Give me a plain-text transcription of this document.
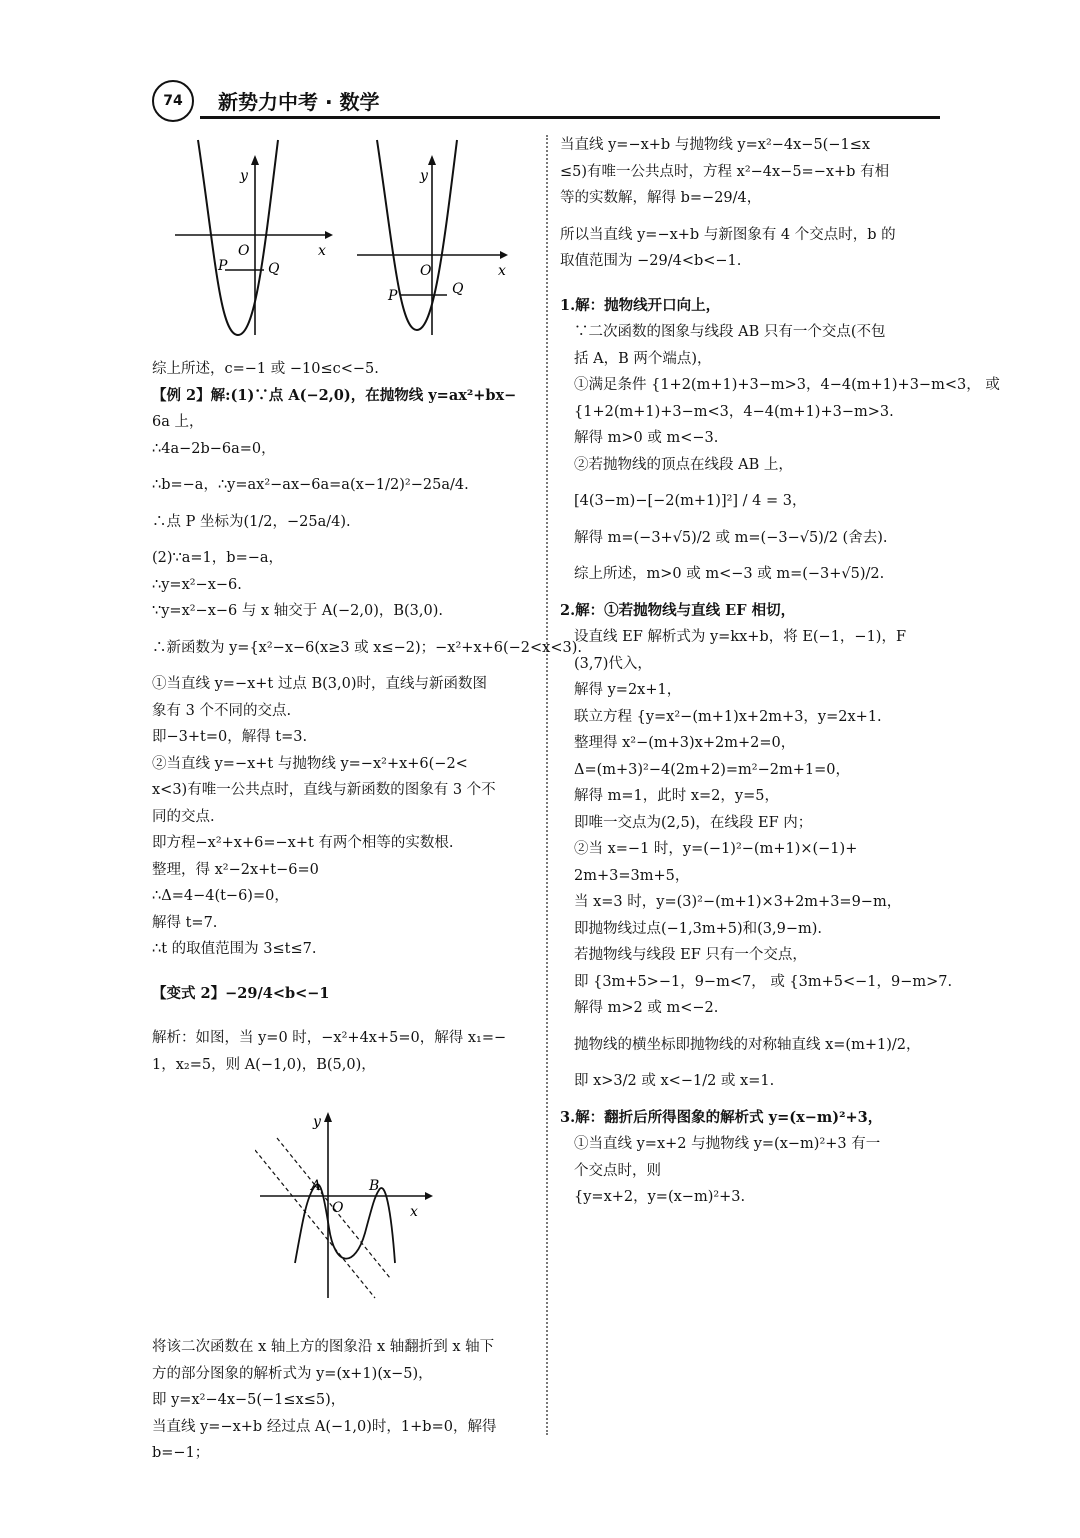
74	新势力中考 · 数学
y
x
O
P	Q
y
x
O
P	Q
综上所述，c=−1 或 −10≤c<−5.
【例 2】解:(1)∵点 A(−2,0)，在抛物线 y=ax²+bx−
6a 上，
∴4a−2b−6a=0，
∴b=−a，∴y=ax²−ax−6a=a(x−1/2)²−25a/4.
∴点 P 坐标为(1/2，−25a/4).
(2)∵a=1，b=−a，
∴y=x²−x−6.
∵y=x²−x−6 与 x 轴交于 A(−2,0)，B(3,0).
∴新函数为 y={x²−x−6(x≥3 或 x≤−2)；−x²+x+6(−2<x<3).
①当直线 y=−x+t 过点 B(3,0)时，直线与新函数图
象有 3 个不同的交点.
即−3+t=0，解得 t=3.
②当直线 y=−x+t 与抛物线 y=−x²+x+6(−2<
x<3)有唯一公共点时，直线与新函数的图象有 3 个不
同的交点.
即方程−x²+x+6=−x+t 有两个相等的实数根.
整理，得 x²−2x+t−6=0
∴Δ=4−4(t−6)=0，
解得 t=7.
∴t 的取值范围为 3≤t≤7.
【变式 2】−29/4<b<−1
解析：如图，当 y=0 时，−x²+4x+5=0，解得 x₁=−
1，x₂=5，则 A(−1,0)，B(5,0)，
将该二次函数在 x 轴上方的图象沿 x 轴翻折到 x 轴下
方的部分图象的解析式为 y=(x+1)(x−5)，
即 y=x²−4x−5(−1≤x≤5)，
当直线 y=−x+b 经过点 A(−1,0)时，1+b=0，解得
b=−1；
y
x
O
A	B
当直线 y=−x+b 与抛物线 y=x²−4x−5(−1≤x
≤5)有唯一公共点时，方程 x²−4x−5=−x+b 有相
等的实数解，解得 b=−29/4，
所以当直线 y=−x+b 与新图象有 4 个交点时，b 的
取值范围为 −29/4<b<−1.
1.解：抛物线开口向上，
∵二次函数的图象与线段 AB 只有一个交点(不包
括 A，B 两个端点)，
①满足条件 {1+2(m+1)+3−m>3，4−4(m+1)+3−m<3， 或
{1+2(m+1)+3−m<3，4−4(m+1)+3−m>3.
解得 m>0 或 m<−3.
②若抛物线的顶点在线段 AB 上，
[4(3−m)−[−2(m+1)]²] / 4 = 3，
解得 m=(−3+√5)/2 或 m=(−3−√5)/2 (舍去).
综上所述，m>0 或 m<−3 或 m=(−3+√5)/2.
2.解：①若抛物线与直线 EF 相切，
设直线 EF 解析式为 y=kx+b，将 E(−1，−1)，F
(3,7)代入，
解得 y=2x+1，
联立方程 {y=x²−(m+1)x+2m+3，y=2x+1.
整理得 x²−(m+3)x+2m+2=0，
Δ=(m+3)²−4(2m+2)=m²−2m+1=0，
解得 m=1，此时 x=2，y=5，
即唯一交点为(2,5)，在线段 EF 内；
②当 x=−1 时，y=(−1)²−(m+1)×(−1)+
2m+3=3m+5，
当 x=3 时，y=(3)²−(m+1)×3+2m+3=9−m，
即抛物线过点(−1,3m+5)和(3,9−m).
若抛物线与线段 EF 只有一个交点，
即 {3m+5>−1，9−m<7， 或 {3m+5<−1，9−m>7.
解得 m>2 或 m<−2.
抛物线的横坐标即抛物线的对称轴直线 x=(m+1)/2，
即 x>3/2 或 x<−1/2 或 x=1.
3.解：翻折后所得图象的解析式 y=(x−m)²+3，
①当直线 y=x+2 与抛物线 y=(x−m)²+3 有一
个交点时，则
{y=x+2，y=(x−m)²+3.
